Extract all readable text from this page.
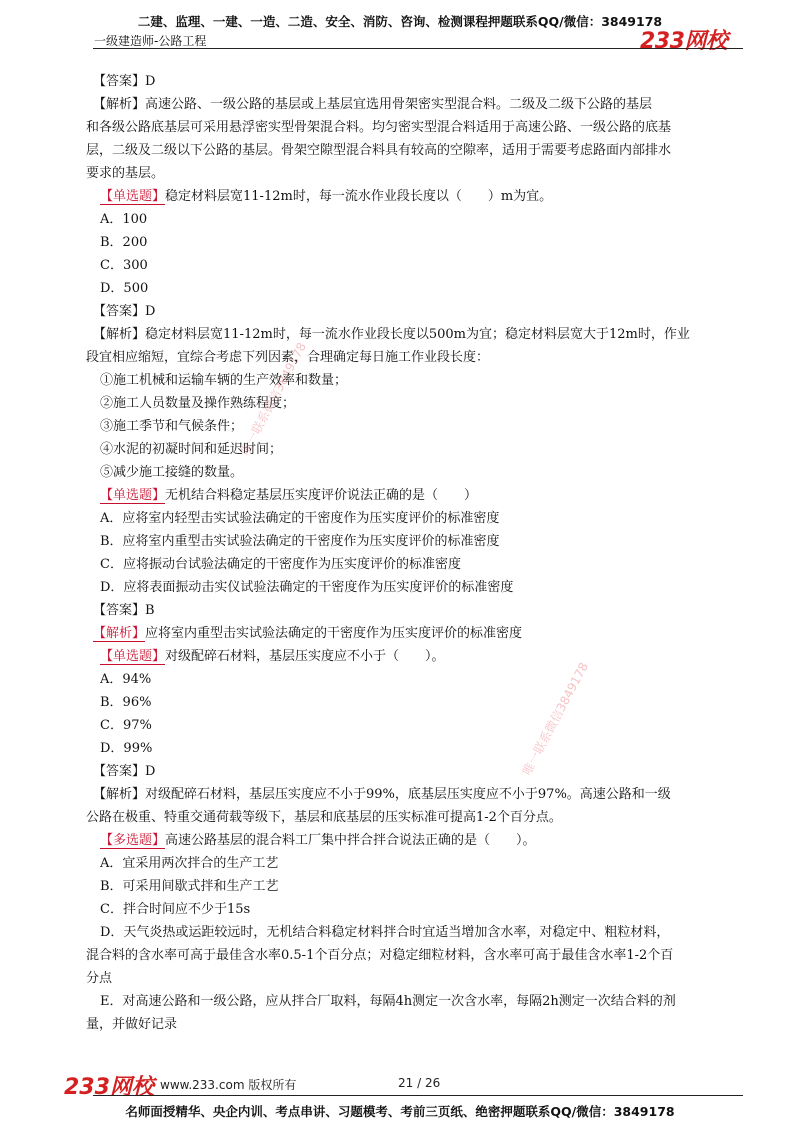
二建、监理、一建、一造、二造、安全、消防、咨询、检测课程押题联系QQ/微信：3849178
一级建造师-公路工程	233网校
唯一联系微信3849178
唯一联系微信3849178
【答案】D
【解析】高速公路、一级公路的基层或上基层宜选用骨架密实型混合料。二级及二级下公路的基层
和各级公路底基层可采用悬浮密实型骨架混合料。均匀密实型混合料适用于高速公路、一级公路的底基
层，二级及二级以下公路的基层。骨架空隙型混合料具有较高的空隙率，适用于需要考虑路面内部排水
要求的基层。
【单选题】稳定材料层宽11-12m时，每一流水作业段长度以（　　）m为宜。
A．100
B．200
C．300
D．500
【答案】D
【解析】稳定材料层宽11-12m时，每一流水作业段长度以500m为宜；稳定材料层宽大于12m时，作业
段宜相应缩短，宜综合考虑下列因素，合理确定每日施工作业段长度：
①施工机械和运输车辆的生产效率和数量；
②施工人员数量及操作熟练程度；
③施工季节和气候条件；
④水泥的初凝时间和延迟时间；
⑤减少施工接缝的数量。
【单选题】无机结合料稳定基层压实度评价说法正确的是（　　）
A．应将室内轻型击实试验法确定的干密度作为压实度评价的标准密度
B．应将室内重型击实试验法确定的干密度作为压实度评价的标准密度
C．应将振动台试验法确定的干密度作为压实度评价的标准密度
D．应将表面振动击实仪试验法确定的干密度作为压实度评价的标准密度
【答案】B
【解析】应将室内重型击实试验法确定的干密度作为压实度评价的标准密度
【单选题】对级配碎石材料，基层压实度应不小于（　　）。
A．94%
B．96%
C．97%
D．99%
【答案】D
【解析】对级配碎石材料，基层压实度应不小于99%，底基层压实度应不小于97%。高速公路和一级
公路在极重、特重交通荷载等级下，基层和底基层的压实标准可提高1-2个百分点。
【多选题】高速公路基层的混合料工厂集中拌合拌合说法正确的是（　　）。
A．宜采用两次拌合的生产工艺
B．可采用间歇式拌和生产工艺
C．拌合时间应不少于15s
D．天气炎热或运距较远时，无机结合料稳定材料拌合时宜适当增加含水率，对稳定中、粗粒材料，
混合料的含水率可高于最佳含水率0.5-1个百分点；对稳定细粒材料，含水率可高于最佳含水率1-2个百
分点
E．对高速公路和一级公路，应从拌合厂取料，每隔4h测定一次含水率，每隔2h测定一次结合料的剂
量，并做好记录
233网校 www.233.com 版权所有	21 / 26
名师面授精华、央企内训、考点串讲、习题模考、考前三页纸、绝密押题联系QQ/微信：3849178
